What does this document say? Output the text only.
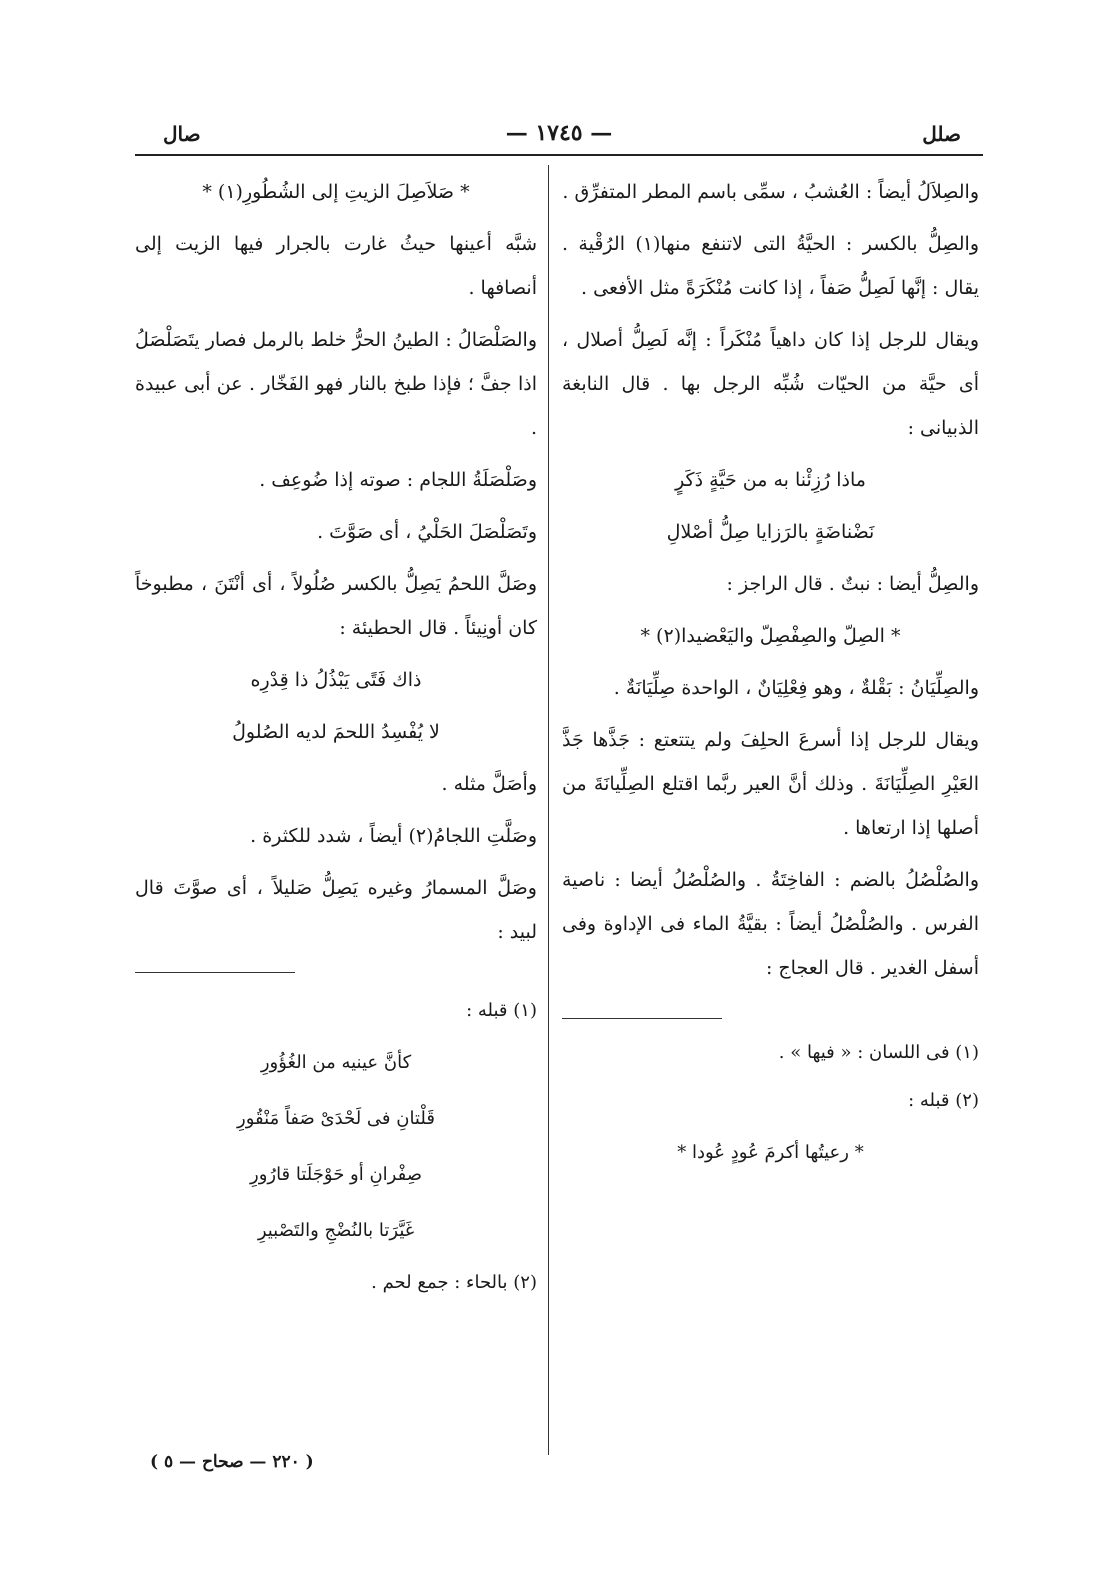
صلل
— ١٧٤٥ —
صال

والصِلاَلُ أيضاً : العُشبُ ، سمِّى باسم المطر المتفرِّق .

والصِلُّ بالكسر : الحيَّةُ التى لاتنفع منها(١) الرُقْية . يقال : إنَّها لَصِلُّ صَفاً ، إذا كانت مُنْكَرَةً مثل الأفعى .

ويقال للرجل إذا كان داهياً مُنْكَراً : إنَّه لَصِلُّ أصلال ، أى حيَّة من الحيّات شُبِّه الرجل بها . قال النابغة الذبيانى :

ماذا رُزِئْنا به من حَيَّةٍ ذَكَرٍ

نَضْناضَةٍ بالرَزايا صِلُّ أصْلالِ

والصِلُّ أيضا : نبتٌ . قال الراجز :

* الصِلّ والصِفْصِلّ واليَعْضيدا(٢) *

والصِلِّيَانُ : بَقْلةٌ ، وهو فِعْلِيَانٌ ، الواحدة صِلِّيَانَةٌ .

ويقال للرجل إذا أسرعَ الحلِفَ ولم يتتعتع : جَذَّها جَذَّ العَيْرِ الصِلِّيَانَةَ . وذلك أنَّ العير ربَّما اقتلع الصِلِّيانَةَ من أصلها إذا ارتعاها .

والصُلْصُلُ بالضم : الفاخِتَةُ . والصُلْصُلُ أيضا : ناصية الفرس . والصُلْصُلُ أيضاً : بقيَّةُ الماء فى الإداوة وفى أسفل الغدير . قال العجاج :

(١) فى اللسان : « فيها » .

(٢) قبله :

* رعيتُها أكرمَ عُودٍ عُودا *

* صَلاَصِلَ الزيتِ إلى الشُطُورِ(١) *

شبَّه أعينها حيثُ غارت بالجرار فيها الزيت إلى أنصافها .

والصَلْصَالُ : الطينُ الحرُّ خلط بالرمل فصار يتَصَلْصَلُ اذا جفَّ ؛ فإذا طبخ بالنار فهو الفَخّار . عن أبى عبيدة .

وصَلْصَلَةُ اللجام : صوته إذا ضُوعِف .

وتَصَلْصَلَ الحَلْيُ ، أى صَوَّتَ .

وصَلَّ اللحمُ يَصِلُّ بالكسر صُلُولاً ، أى أنْتَنَ ، مطبوخاً كان أونِيئاً . قال الحطيئة :

ذاك فَتًى يَبْذُلُ ذا قِدْرِه

لا يُفْسِدُ اللحمَ لديه الصُلولُ

وأصَلَّ مثله .

وصَلَّتِ اللجامُ(٢) أيضاً ، شدد للكثرة .

وصَلَّ المسمارُ وغيره يَصِلُّ صَليلاً ، أى صوَّتَ قال لبيد :

(١) قبله :

كأنَّ عينيه من الغُؤُورِ

قَلْتانِ فى لَحْدَىْ صَفاً مَنْقُورِ

صِفْرانِ أو حَوْجَلَتا قارُورِ

غَيَّرَتا بالنُضْجِ والتَصْبيرِ

(٢) بالحاء : جمع لحم .

( ٢٢٠ — صحاح — ٥ )
